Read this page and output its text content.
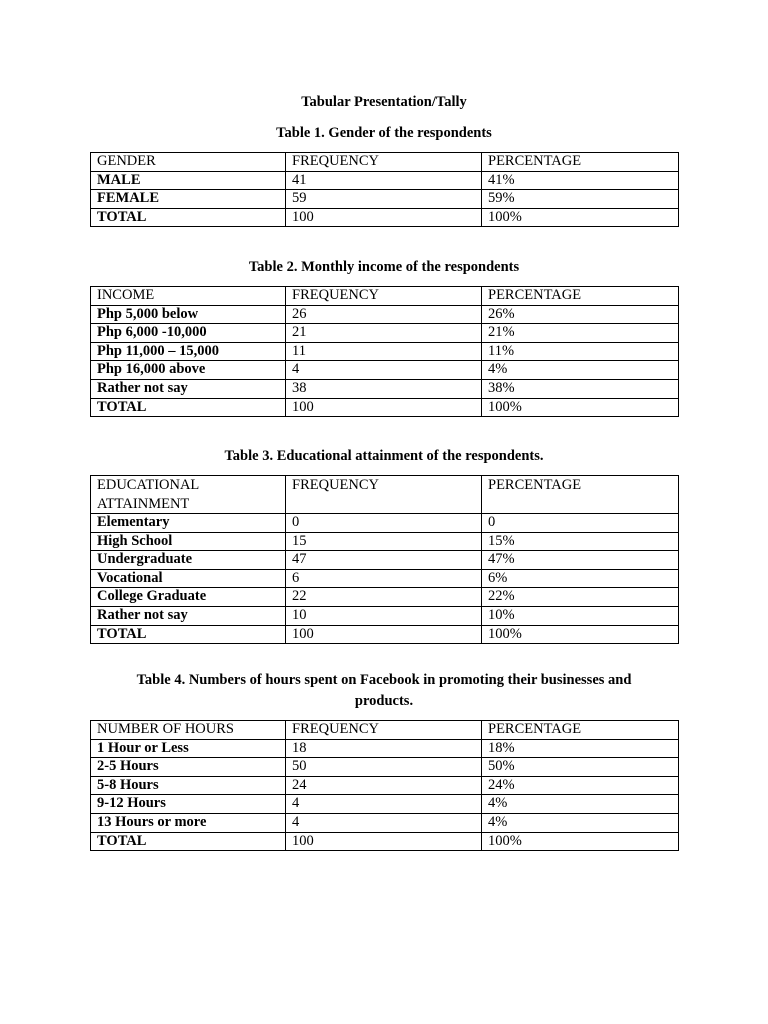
Tabular Presentation/Tally
Table 1. Gender of the respondents
GENDER	FREQUENCY	PERCENTAGE
MALE	41	41%
FEMALE	59	59%
TOTAL	100	100%
Table 2. Monthly income of the respondents
INCOME	FREQUENCY	PERCENTAGE
Php 5,000 below	26	26%
Php 6,000 -10,000	21	21%
Php 11,000 – 15,000	11	11%
Php 16,000 above	4	4%
Rather not say	38	38%
TOTAL	100	100%
Table 3. Educational attainment of the respondents.
EDUCATIONAL ATTAINMENT	FREQUENCY	PERCENTAGE
Elementary	0	0
High School	15	15%
Undergraduate	47	47%
Vocational	6	6%
College Graduate	22	22%
Rather not say	10	10%
TOTAL	100	100%
Table 4. Numbers of hours spent on Facebook in promoting their businesses and products.
NUMBER OF HOURS	FREQUENCY	PERCENTAGE
1 Hour or Less	18	18%
2-5 Hours	50	50%
5-8 Hours	24	24%
9-12 Hours	4	4%
13 Hours or more	4	4%
TOTAL	100	100%
